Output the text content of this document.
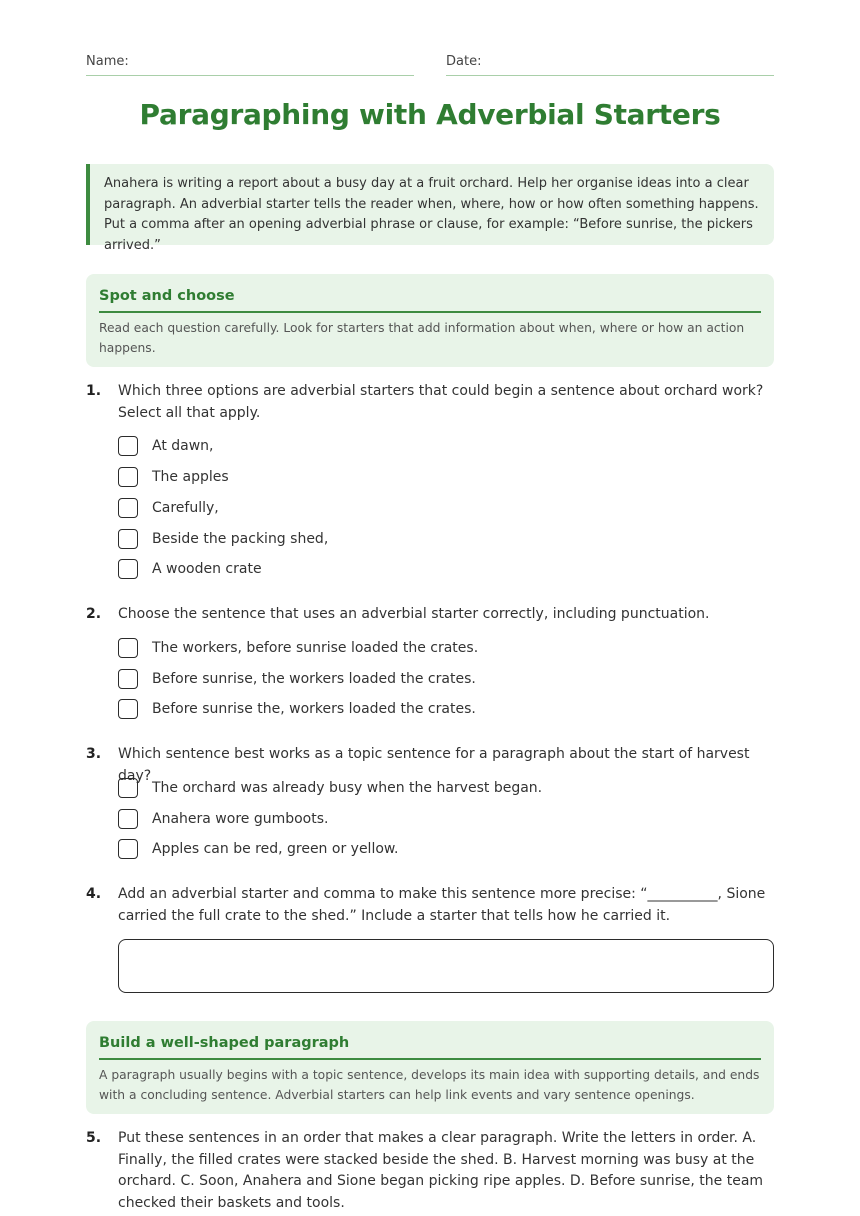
Name:	Date:
Paragraphing with Adverbial Starters
Anahera is writing a report about a busy day at a fruit orchard. Help her organise ideas into a clear paragraph. An adverbial starter tells the reader when, where, how or how often something happens. Put a comma after an opening adverbial phrase or clause, for example: “Before sunrise, the pickers arrived.”
Spot and choose
Read each question carefully. Look for starters that add information about when, where or how an action happens.
1. Which three options are adverbial starters that could begin a sentence about orchard work? Select all that apply.
At dawn,
The apples
Carefully,
Beside the packing shed,
A wooden crate
2. Choose the sentence that uses an adverbial starter correctly, including punctuation.
The workers, before sunrise loaded the crates.
Before sunrise, the workers loaded the crates.
Before sunrise the, workers loaded the crates.
3. Which sentence best works as a topic sentence for a paragraph about the start of harvest day?
The orchard was already busy when the harvest began.
Anahera wore gumboots.
Apples can be red, green or yellow.
4. Add an adverbial starter and comma to make this sentence more precise: “__________, Sione carried the full crate to the shed.” Include a starter that tells how he carried it.
Build a well-shaped paragraph
A paragraph usually begins with a topic sentence, develops its main idea with supporting details, and ends with a concluding sentence. Adverbial starters can help link events and vary sentence openings.
5. Put these sentences in an order that makes a clear paragraph. Write the letters in order. A. Finally, the filled crates were stacked beside the shed. B. Harvest morning was busy at the orchard. C. Soon, Anahera and Sione began picking ripe apples. D. Before sunrise, the team checked their baskets and tools.
